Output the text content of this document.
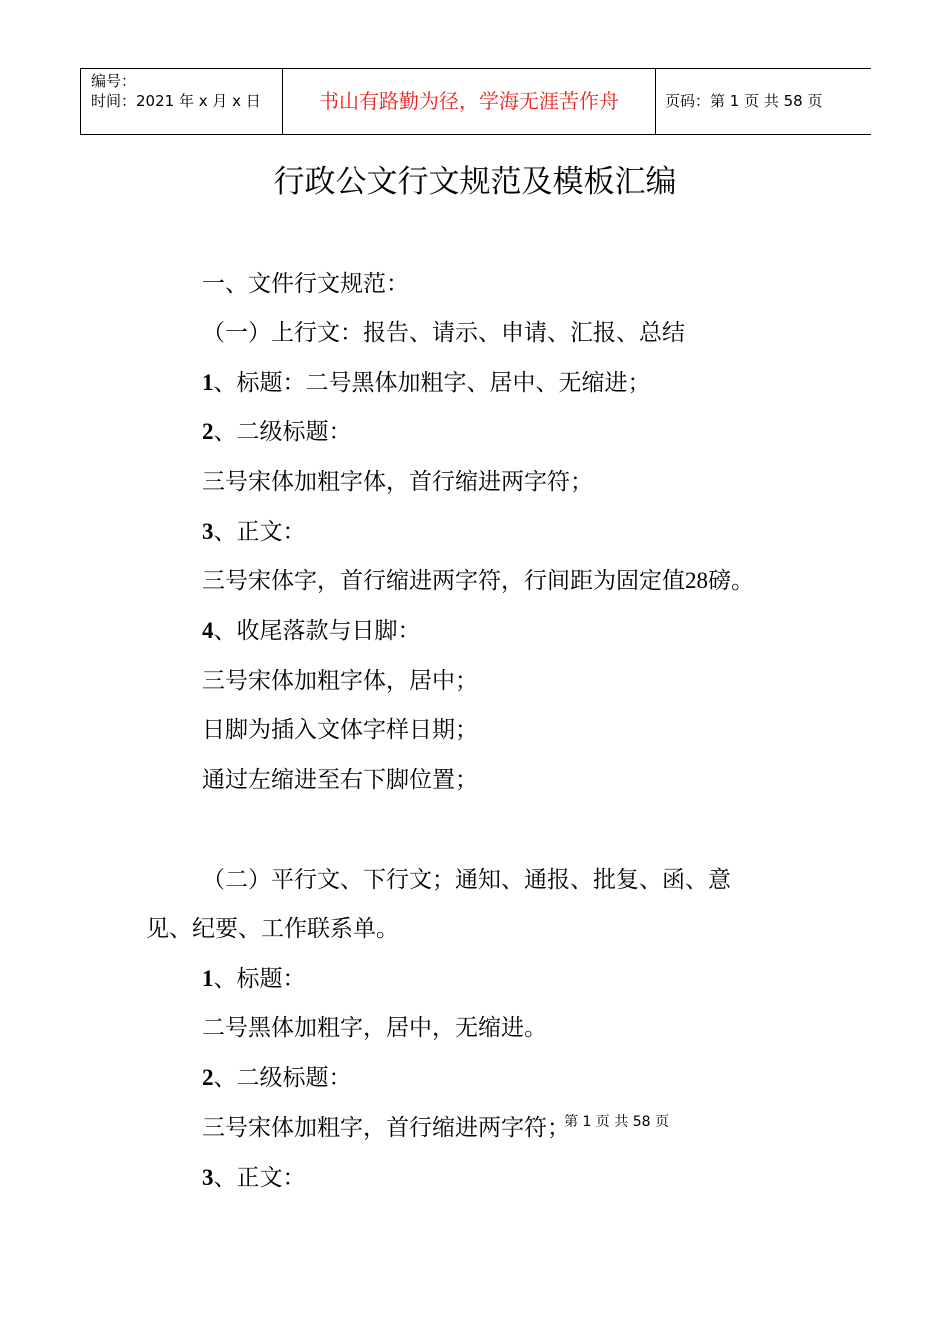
编号：
时间：2021 年 x 月 x 日	书山有路勤为径，学海无涯苦作舟	页码：第 1 页 共 58 页
行政公文行文规范及模板汇编
一、文件行文规范：
（一）上行文：报告、请示、申请、汇报、总结
1、标题：二号黑体加粗字、居中、无缩进；
2、二级标题：
三号宋体加粗字体，首行缩进两字符；
3、正文：
三号宋体字，首行缩进两字符，行间距为固定值28磅。
4、收尾落款与日脚：
三号宋体加粗字体，居中；
日脚为插入文体字样日期；
通过左缩进至右下脚位置；
（二）平行文、下行文；通知、通报、批复、函、意
见、纪要、工作联系单。
1、标题：
二号黑体加粗字，居中，无缩进。
2、二级标题：
三号宋体加粗字，首行缩进两字符；
3、正文：
第 1 页 共 58 页
